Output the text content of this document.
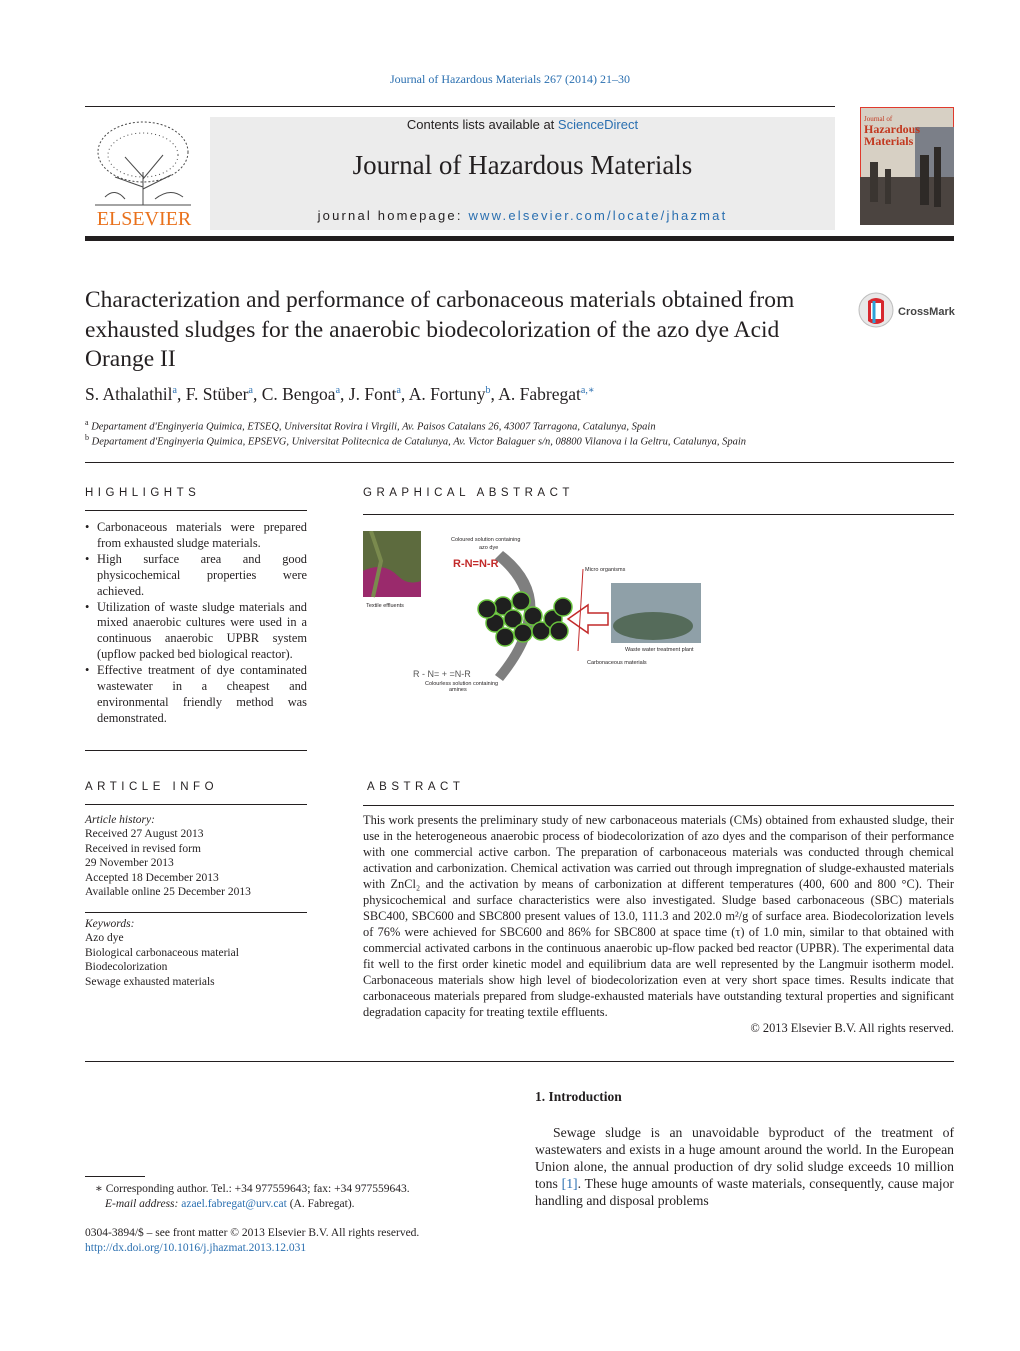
Journal of Hazardous Materials 267 (2014) 21–30
ELSEVIER
Contents lists available at ScienceDirect
Journal of Hazardous Materials
journal homepage: www.elsevier.com/locate/jhazmat
Journal of
Hazardous
Materials
Characterization and performance of carbonaceous materials obtained from exhausted sludges for the anaerobic biodecolorization of the azo dye Acid Orange II
CrossMark
S. Athalathil$^a$, F. Stüber$^a$, C. Bengoa$^a$, J. Font$^a$, A. Fortuny$^b$, A. Fabregat$^{a,∗}$
$^a$ Departament d'Enginyeria Quimica, ETSEQ, Universitat Rovira i Virgili, Av. Paisos Catalans 26, 43007 Tarragona, Catalunya, Spain
$^b$ Departament d'Enginyeria Quimica, EPSEVG, Universitat Politecnica de Catalunya, Av. Victor Balaguer s/n, 08800 Vilanova i la Geltru, Catalunya, Spain
HIGHLIGHTS
• Carbonaceous materials were prepared from exhausted sludge materials.
• High surface area and good physicochemical properties were achieved.
• Utilization of waste sludge materials and mixed anaerobic cultures were used in a continuous anaerobic UPBR system (upflow packed bed biological reactor).
• Effective treatment of dye contaminated wastewater in a cheapest and environmental friendly method was demonstrated.
GRAPHICAL ABSTRACT
Textile effluents
Coloured solution containing
azo dye
R-N=N-R	Micro organisms
Waste water treatment plant
Carbonaceous materials
R - N= + =N-R
Colourless solution containing
amines
ARTICLE INFO
Article history:
Received 27 August 2013
Received in revised form
29 November 2013
Accepted 18 December 2013
Available online 25 December 2013
Keywords:
Azo dye
Biological carbonaceous material
Biodecolorization
Sewage exhausted materials
ABSTRACT
This work presents the preliminary study of new carbonaceous materials (CMs) obtained from exhausted sludge, their use in the heterogeneous anaerobic process of biodecolorization of azo dyes and the comparison of their performance with one commercial active carbon. The preparation of carbonaceous materials was conducted through chemical activation and carbonization. Chemical activation was carried out through impregnation of sludge-exhausted materials with ZnCl₂ and the activation by means of carbonization at different temperatures (400, 600 and 800 °C). Their physicochemical and surface characteristics were also investigated. Sludge based carbonaceous (SBC) materials SBC400, SBC600 and SBC800 present values of 13.0, 111.3 and 202.0 m²/g of surface area. Biodecolorization levels of 76% were achieved for SBC600 and 86% for SBC800 at space time (τ) of 1.0 min, similar to that obtained with commercial activated carbons in the continuous anaerobic up-flow packed bed reactor (UPBR). The experimental data fit well to the first order kinetic model and equilibrium data are well represented by the Langmuir isotherm model. Carbonaceous materials show high level of biodecolorization even at very short space times. Results indicate that carbonaceous materials prepared from sludge-exhausted materials have outstanding textural properties and significant degradation capacity for treating textile effluents.
© 2013 Elsevier B.V. All rights reserved.
1. Introduction
Sewage sludge is an unavoidable byproduct of the treatment of wastewaters and exists in a huge amount around the world. In the European Union alone, the annual production of dry solid sludge exceeds 10 million tons [1]. These huge amounts of waste materials, consequently, cause major handling and disposal problems
∗ Corresponding author. Tel.: +34 977559643; fax: +34 977559643.
E-mail address: azael.fabregat@urv.cat (A. Fabregat).
0304-3894/$ – see front matter © 2013 Elsevier B.V. All rights reserved.
http://dx.doi.org/10.1016/j.jhazmat.2013.12.031
